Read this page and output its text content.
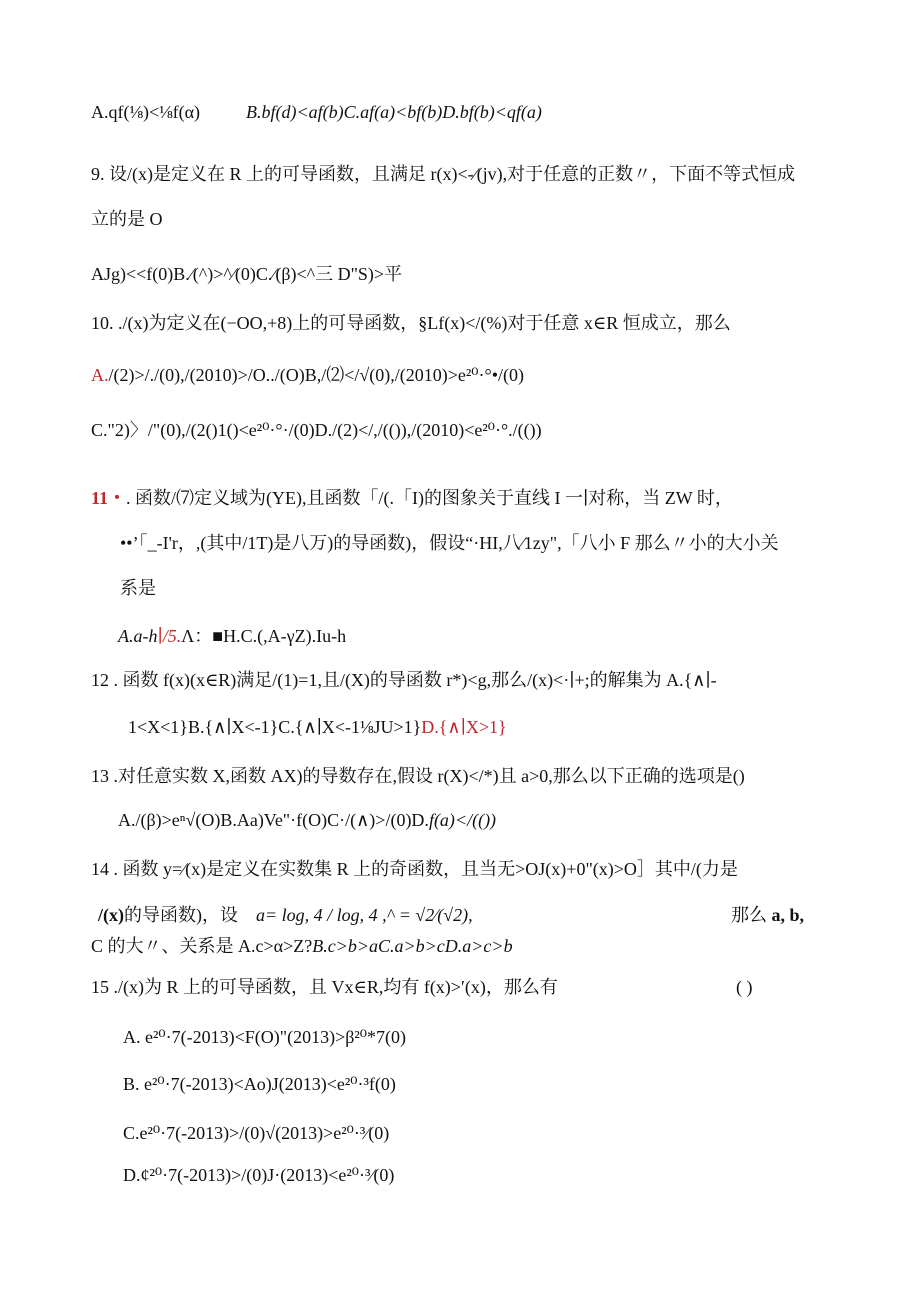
A.qf(⅛)<⅛f(α)	B.bf(d)<af(b)C.af(a)<bf(b)D.bf(b)<qf(a)
9. 设/(x)是定义在 R 上的可导函数，且满足 r(x)<-∕(jv),对于任意的正数〃，下面不等式恒成
立的是 O
AJg)<<f(0)B.∕(^)>^∕(0)C.∕(β)<^三 D"S)>平
10. ./(x)为定义在(−OO,+8)上的可导函数，§Lf(x)</(%)对于任意 x∈R 恒成立，那么
A./(2)>/./(0),/(2010)>/O../(O)B,/⑵</√(0),/(2010)>e²⁰·°•/(0)
C."2)〉/"(0),/(2()1()<e²⁰·°·/(0)D./(2)</,/(()),/(2010)<e²⁰·°./(())
11・. 函数/⑺定义域为(YE),且函数「/(.「I)的图象关于直线 I 一∣对称，当 ZW 时，
••’「_-I'r，,(其中/1T)是八万)的导函数)，假设“·HI,八∕1zy",「八小 F 那么〃小的大小关
系是
A.a-h∣/5.Λ：■H.C.(,A-γZ).Iu-h
12 . 函数 f(x)(x∈R)满足/(1)=1,且/(X)的导函数 r*)<g,那么/(x)<·∣+;的解集为 A.{∧∣-
1<X<1}B.{∧∣X<-1}C.{∧∣X<-1⅛JU>1}D.{∧∣X>1}
13 .对任意实数 X,函数 AX)的导数存在,假设 r(X)</*)且 a>0,那么以下正确的选项是()
A./(β)>eⁿ√(O)B.Aa)Ve"·f(O)C·/(∧)>/(0)D.f(a)</(())
14 . 函数 y=∕(x)是定义在实数集 R 上的奇函数，且当无>OJ(x)+0"(x)>O］其中/(力是
/(x)的导函数)，设 a= log, 4 / log, 4 ,^ = √2∕(√2),	那么 a, b,
C 的大〃、关系是 A.c>α>Z?B.c>b>aC.a>b>cD.a>c>b
15 ./(x)为 R 上的可导函数，且 Vx∈R,均有 f(x)>′(x)，那么有	( )
A. e²⁰·7(-2013)<F(O)"(2013)>β²⁰*7(0)
B. e²⁰·7(-2013)<Ao)J(2013)<e²⁰·³f(0)
C.e²⁰·7(-2013)>/(0)√(2013)>e²⁰·³∕(0)
D.¢²⁰·7(-2013)>/(0)J·(2013)<e²⁰·³∕(0)
